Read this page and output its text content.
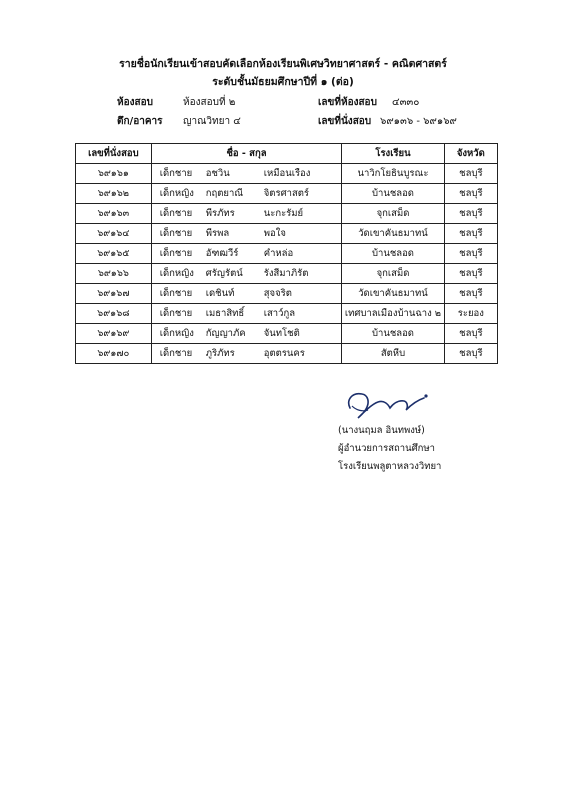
รายชื่อนักเรียนเข้าสอบคัดเลือกห้องเรียนพิเศษวิทยาศาสตร์ - คณิตศาสตร์
ระดับชั้นมัธยมศึกษาปีที่ ๑ (ต่อ)
ห้องสอบ	ห้องสอบที่ ๒	เลขที่ห้องสอบ ๔๓๓๐
ตึก/อาคาร ญาณวิทยา ๔	เลขที่นั่งสอบ ๖๙๑๓๖ - ๖๙๑๖๙
เลขที่นั่งสอบ	ชื่อ - สกุล	โรงเรียน	จังหวัด
๖๙๑๖๑	เด็กชาย อชวิน เหมือนเรือง	นาวิกโยธินบูรณะ	ชลบุรี
๖๙๑๖๒	เด็กหญิง กฤตยาณี จิตรศาสตร์	บ้านชลอด	ชลบุรี
๖๙๑๖๓	เด็กชาย พีรภัทร นะกะรัมย์	จุกเสม็ด	ชลบุรี
๖๙๑๖๔	เด็กชาย พีรพล พอใจ	วัดเขาคันธมาทน์	ชลบุรี
๖๙๑๖๕	เด็กชาย อัฑฒวีร์ คำหล่อ	บ้านชลอด	ชลบุรี
๖๙๑๖๖	เด็กหญิง ศรัญรัตน์ รังสีมาภิรัต	จุกเสม็ด	ชลบุรี
๖๙๑๖๗	เด็กชาย เดชินท์ สุจจริต	วัดเขาคันธมาทน์	ชลบุรี
๖๙๑๖๘	เด็กชาย เมธาสิทธิ์ เสาว์กูล	เทศบาลเมืองบ้านฉาง ๒	ระยอง
๖๙๑๖๙	เด็กหญิง กัญญาภัค จันทโชติ	บ้านชลอด	ชลบุรี
๖๙๑๗๐	เด็กชาย ภูริภัทร อุตตรนคร	สัตหีบ	ชลบุรี
(นางนฤมล อินทพงษ์)
ผู้อำนวยการสถานศึกษา
โรงเรียนพลูตาหลวงวิทยา
